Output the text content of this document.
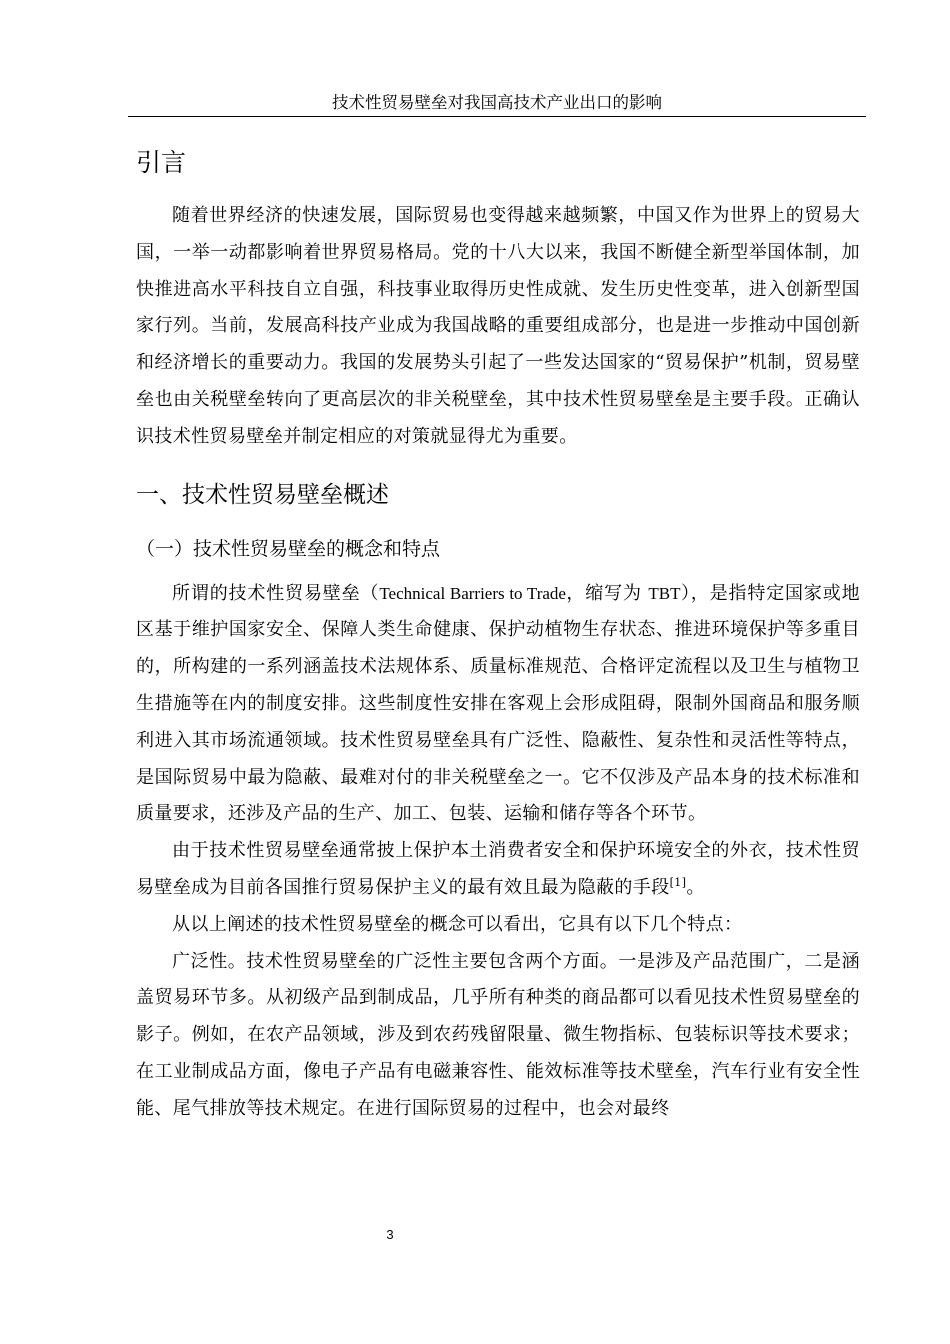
技术性贸易壁垒对我国高技术产业出口的影响
引言

随着世界经济的快速发展，国际贸易也变得越来越频繁，中国又作为世界上的贸易大国，一举一动都影响着世界贸易格局。党的十八大以来，我国不断健全新型举国体制，加快推进高水平科技自立自强，科技事业取得历史性成就、发生历史性变革，进入创新型国家行列。当前，发展高科技产业成为我国战略的重要组成部分，也是进一步推动中国创新和经济增长的重要动力。我国的发展势头引起了一些发达国家的“贸易保护”机制，贸易壁垒也由关税壁垒转向了更高层次的非关税壁垒，其中技术性贸易壁垒是主要手段。正确认识技术性贸易壁垒并制定相应的对策就显得尤为重要。

一、技术性贸易壁垒概述
（一）技术性贸易壁垒的概念和特点

所谓的技术性贸易壁垒（Technical Barriers to Trade，缩写为 TBT），是指特定国家或地区基于维护国家安全、保障人类生命健康、保护动植物生存状态、推进环境保护等多重目的，所构建的一系列涵盖技术法规体系、质量标准规范、合格评定流程以及卫生与植物卫生措施等在内的制度安排。这些制度性安排在客观上会形成阻碍，限制外国商品和服务顺利进入其市场流通领域。技术性贸易壁垒具有广泛性、隐蔽性、复杂性和灵活性等特点，是国际贸易中最为隐蔽、最难对付的非关税壁垒之一。它不仅涉及产品本身的技术标准和质量要求，还涉及产品的生产、加工、包装、运输和储存等各个环节。

由于技术性贸易壁垒通常披上保护本土消费者安全和保护环境安全的外衣，技术性贸易壁垒成为目前各国推行贸易保护主义的最有效且最为隐蔽的手段[1]。

从以上阐述的技术性贸易壁垒的概念可以看出，它具有以下几个特点：

广泛性。技术性贸易壁垒的广泛性主要包含两个方面。一是涉及产品范围广，二是涵盖贸易环节多。从初级产品到制成品，几乎所有种类的商品都可以看见技术性贸易壁垒的影子。例如，在农产品领域，涉及到农药残留限量、微生物指标、包装标识等技术要求；在工业制成品方面，像电子产品有电磁兼容性、能效标准等技术壁垒，汽车行业有安全性能、尾气排放等技术规定。在进行国际贸易的过程中，也会对最终

3
